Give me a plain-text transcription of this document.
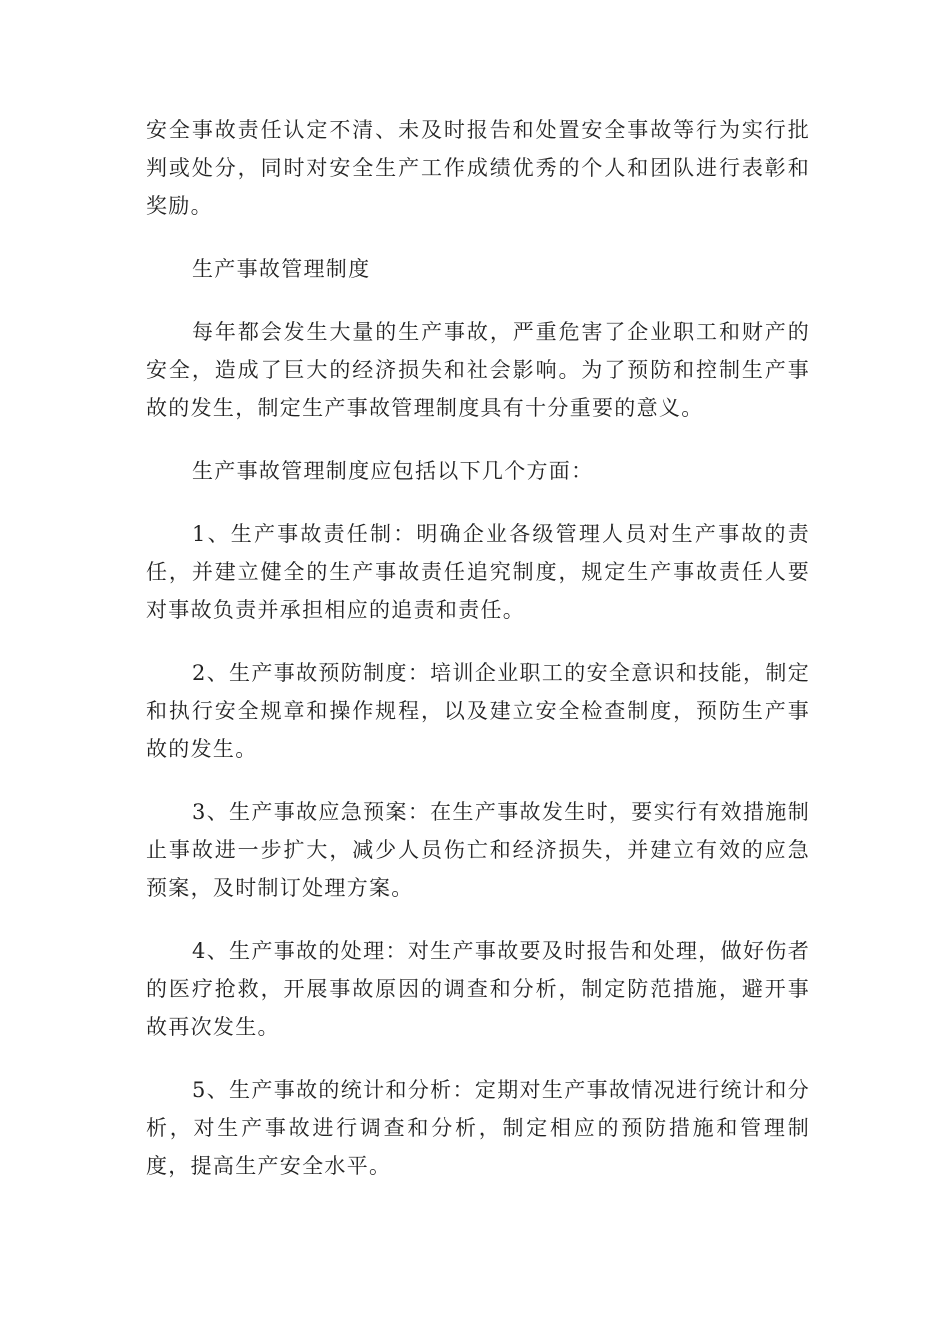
安全事故责任认定不清、未及时报告和处置安全事故等行为实行批判或处分，同时对安全生产工作成绩优秀的个人和团队进行表彰和奖励。

生产事故管理制度

每年都会发生大量的生产事故，严重危害了企业职工和财产的安全，造成了巨大的经济损失和社会影响。为了预防和控制生产事故的发生，制定生产事故管理制度具有十分重要的意义。

生产事故管理制度应包括以下几个方面：

1、生产事故责任制：明确企业各级管理人员对生产事故的责任，并建立健全的生产事故责任追究制度，规定生产事故责任人要对事故负责并承担相应的追责和责任。

2、生产事故预防制度：培训企业职工的安全意识和技能，制定和执行安全规章和操作规程，以及建立安全检查制度，预防生产事故的发生。

3、生产事故应急预案：在生产事故发生时，要实行有效措施制止事故进一步扩大，减少人员伤亡和经济损失，并建立有效的应急预案，及时制订处理方案。

4、生产事故的处理：对生产事故要及时报告和处理，做好伤者的医疗抢救，开展事故原因的调查和分析，制定防范措施，避开事故再次发生。

5、生产事故的统计和分析：定期对生产事故情况进行统计和分析，对生产事故进行调查和分析，制定相应的预防措施和管理制度，提高生产安全水平。
